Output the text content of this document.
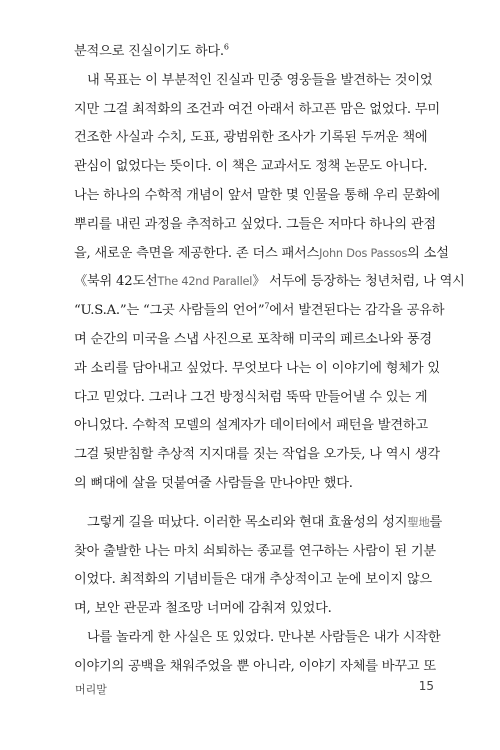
분적으로 진실이기도 하다.$^6$
내 목표는 이 부분적인 진실과 민중 영웅들을 발견하는 것이었
지만 그걸 최적화의 조건과 여건 아래서 하고픈 맘은 없었다. 무미
건조한 사실과 수치, 도표, 광범위한 조사가 기록된 두꺼운 책에
관심이 없었다는 뜻이다. 이 책은 교과서도 정책 논문도 아니다.
나는 하나의 수학적 개념이 앞서 말한 몇 인물을 통해 우리 문화에
뿌리를 내린 과정을 추적하고 싶었다. 그들은 저마다 하나의 관점
을, 새로운 측면을 제공한다. 존 더스 패서스John Dos Passos의 소설
《북위 42도선The 42nd Parallel》 서두에 등장하는 청년처럼, 나 역시
“U.S.A.”는 “그곳 사람들의 언어”$^7$에서 발견된다는 감각을 공유하
며 순간의 미국을 스냅 사진으로 포착해 미국의 페르소나와 풍경
과 소리를 담아내고 싶었다. 무엇보다 나는 이 이야기에 형체가 있
다고 믿었다. 그러나 그건 방정식처럼 뚝딱 만들어낼 수 있는 게
아니었다. 수학적 모델의 설계자가 데이터에서 패턴을 발견하고
그걸 뒷받침할 추상적 지지대를 짓는 작업을 오가듯, 나 역시 생각
의 뼈대에 살을 덧붙여줄 사람들을 만나야만 했다.
그렇게 길을 떠났다. 이러한 목소리와 현대 효율성의 성지聖地를
찾아 출발한 나는 마치 쇠퇴하는 종교를 연구하는 사람이 된 기분
이었다. 최적화의 기념비들은 대개 추상적이고 눈에 보이지 않으
며, 보안 관문과 철조망 너머에 감춰져 있었다.
나를 놀라게 한 사실은 또 있었다. 만나본 사람들은 내가 시작한
이야기의 공백을 채워주었을 뿐 아니라, 이야기 자체를 바꾸고 또
머리말	15
